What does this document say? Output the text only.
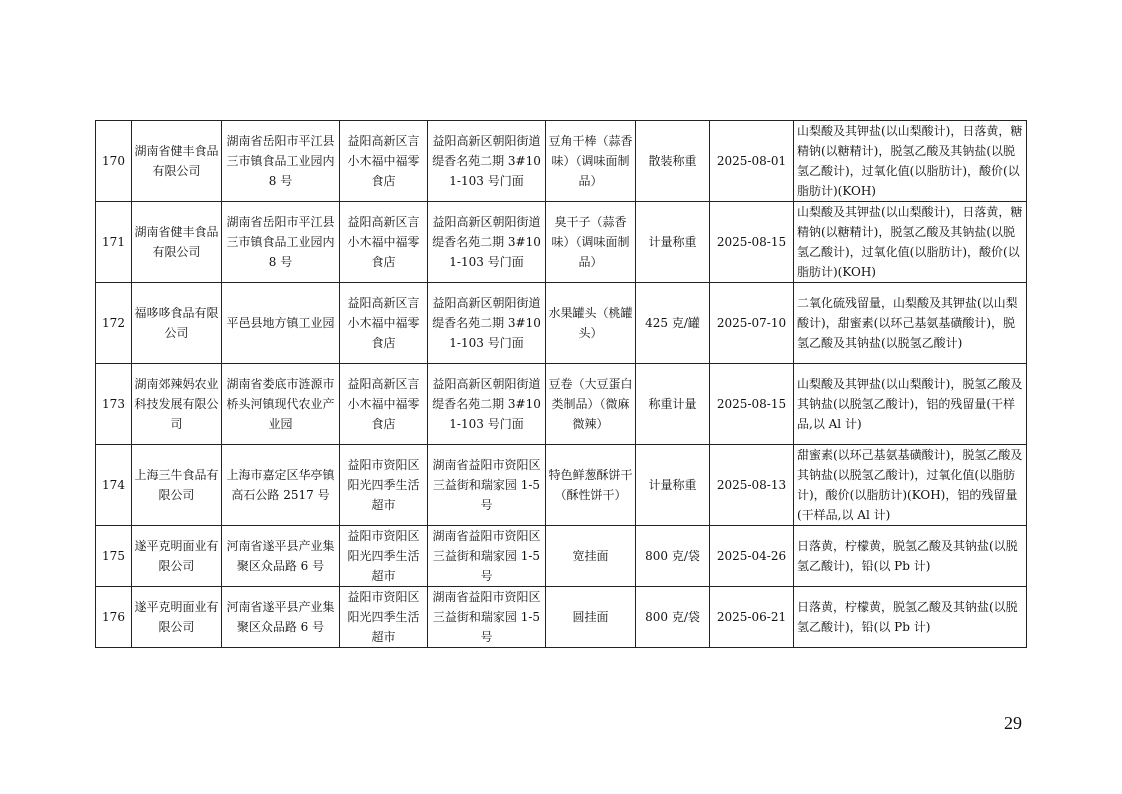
170	湖南省健丰食品有限公司	湖南省岳阳市平江县三市镇食品工业园内 8 号	益阳高新区言小木福中福零食店	益阳高新区朝阳街道缇香名苑二期 3#101-103 号门面	豆角干棒（蒜香味）（调味面制品）	散装称重	2025-08-01	山梨酸及其钾盐(以山梨酸计)，日落黄，糖精钠(以糖精计)，脱氢乙酸及其钠盐(以脱氢乙酸计)，过氧化值(以脂肪计)，酸价(以脂肪计)(KOH)
171	湖南省健丰食品有限公司	湖南省岳阳市平江县三市镇食品工业园内 8 号	益阳高新区言小木福中福零食店	益阳高新区朝阳街道缇香名苑二期 3#101-103 号门面	臭干子（蒜香味）（调味面制品）	计量称重	2025-08-15	山梨酸及其钾盐(以山梨酸计)，日落黄，糖精钠(以糖精计)，脱氢乙酸及其钠盐(以脱氢乙酸计)，过氧化值(以脂肪计)，酸价(以脂肪计)(KOH)
172	福哆哆食品有限公司	平邑县地方镇工业园	益阳高新区言小木福中福零食店	益阳高新区朝阳街道缇香名苑二期 3#101-103 号门面	水果罐头（桃罐头）	425 克/罐	2025-07-10	二氧化硫残留量，山梨酸及其钾盐(以山梨酸计)，甜蜜素(以环己基氨基磺酸计)，脱氢乙酸及其钠盐(以脱氢乙酸计)
173	湖南郊辣妈农业科技发展有限公司	湖南省娄底市涟源市桥头河镇现代农业产业园	益阳高新区言小木福中福零食店	益阳高新区朝阳街道缇香名苑二期 3#101-103 号门面	豆卷（大豆蛋白类制品）（微麻微辣）	称重计量	2025-08-15	山梨酸及其钾盐(以山梨酸计)，脱氢乙酸及其钠盐(以脱氢乙酸计)，铝的残留量(干样品,以 Al 计)
174	上海三牛食品有限公司	上海市嘉定区华亭镇高石公路 2517 号	益阳市资阳区阳光四季生活超市	湖南省益阳市资阳区三益街和瑞家园 1-5 号	特色鲜葱酥饼干（酥性饼干）	计量称重	2025-08-13	甜蜜素(以环己基氨基磺酸计)，脱氢乙酸及其钠盐(以脱氢乙酸计)，过氧化值(以脂肪计)，酸价(以脂肪计)(KOH)，铝的残留量(干样品,以 Al 计)
175	遂平克明面业有限公司	河南省遂平县产业集聚区众品路 6 号	益阳市资阳区阳光四季生活超市	湖南省益阳市资阳区三益街和瑞家园 1-5 号	宽挂面	800 克/袋	2025-04-26	日落黄，柠檬黄，脱氢乙酸及其钠盐(以脱氢乙酸计)，铅(以 Pb 计)
176	遂平克明面业有限公司	河南省遂平县产业集聚区众品路 6 号	益阳市资阳区阳光四季生活超市	湖南省益阳市资阳区三益街和瑞家园 1-5 号	圆挂面	800 克/袋	2025-06-21	日落黄，柠檬黄，脱氢乙酸及其钠盐(以脱氢乙酸计)，铅(以 Pb 计)
29
